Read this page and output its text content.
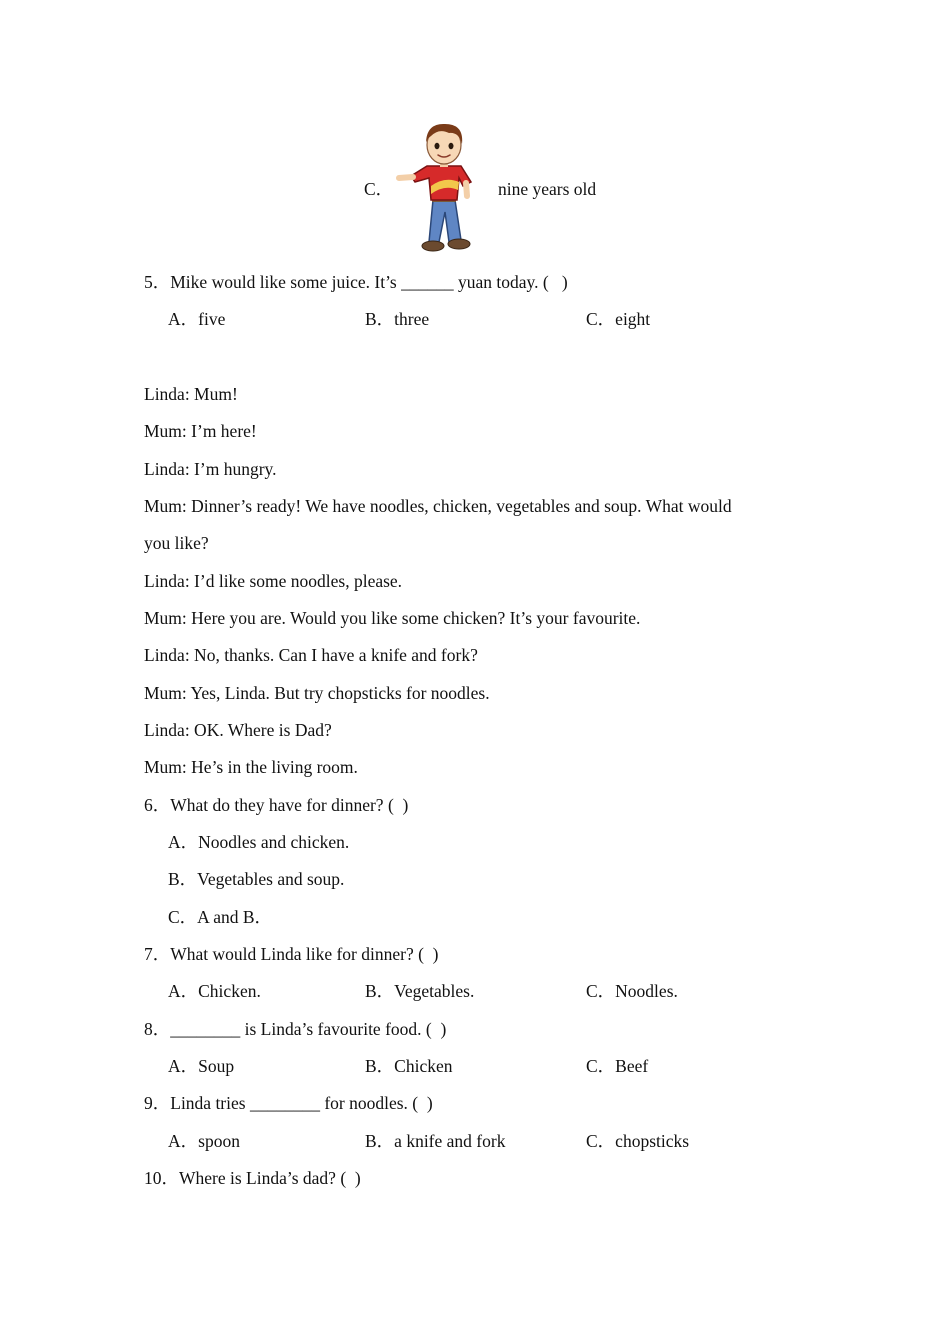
C．	nine years old
5．Mike would like some juice. It’s ______ yuan today. (   )
A．five	B．three	C．eight
Linda: Mum!
Mum: I’m here!
Linda: I’m hungry.
Mum: Dinner’s ready! We have noodles, chicken, vegetables and soup. What would
you like?
Linda: I’d like some noodles, please.
Mum: Here you are. Would you like some chicken? It’s your favourite.
Linda: No, thanks. Can I have a knife and fork?
Mum: Yes, Linda. But try chopsticks for noodles.
Linda: OK. Where is Dad?
Mum: He’s in the living room.
6．What do they have for dinner? (  )
A．Noodles and chicken.
B．Vegetables and soup.
C．A and B．
7．What would Linda like for dinner? (  )
A．Chicken.	B．Vegetables.	C．Noodles.
8．________ is Linda’s favourite food. (  )
A．Soup	B．Chicken	C．Beef
9．Linda tries ________ for noodles. (  )
A．spoon	B．a knife and fork	C．chopsticks
10．Where is Linda’s dad? (  )
